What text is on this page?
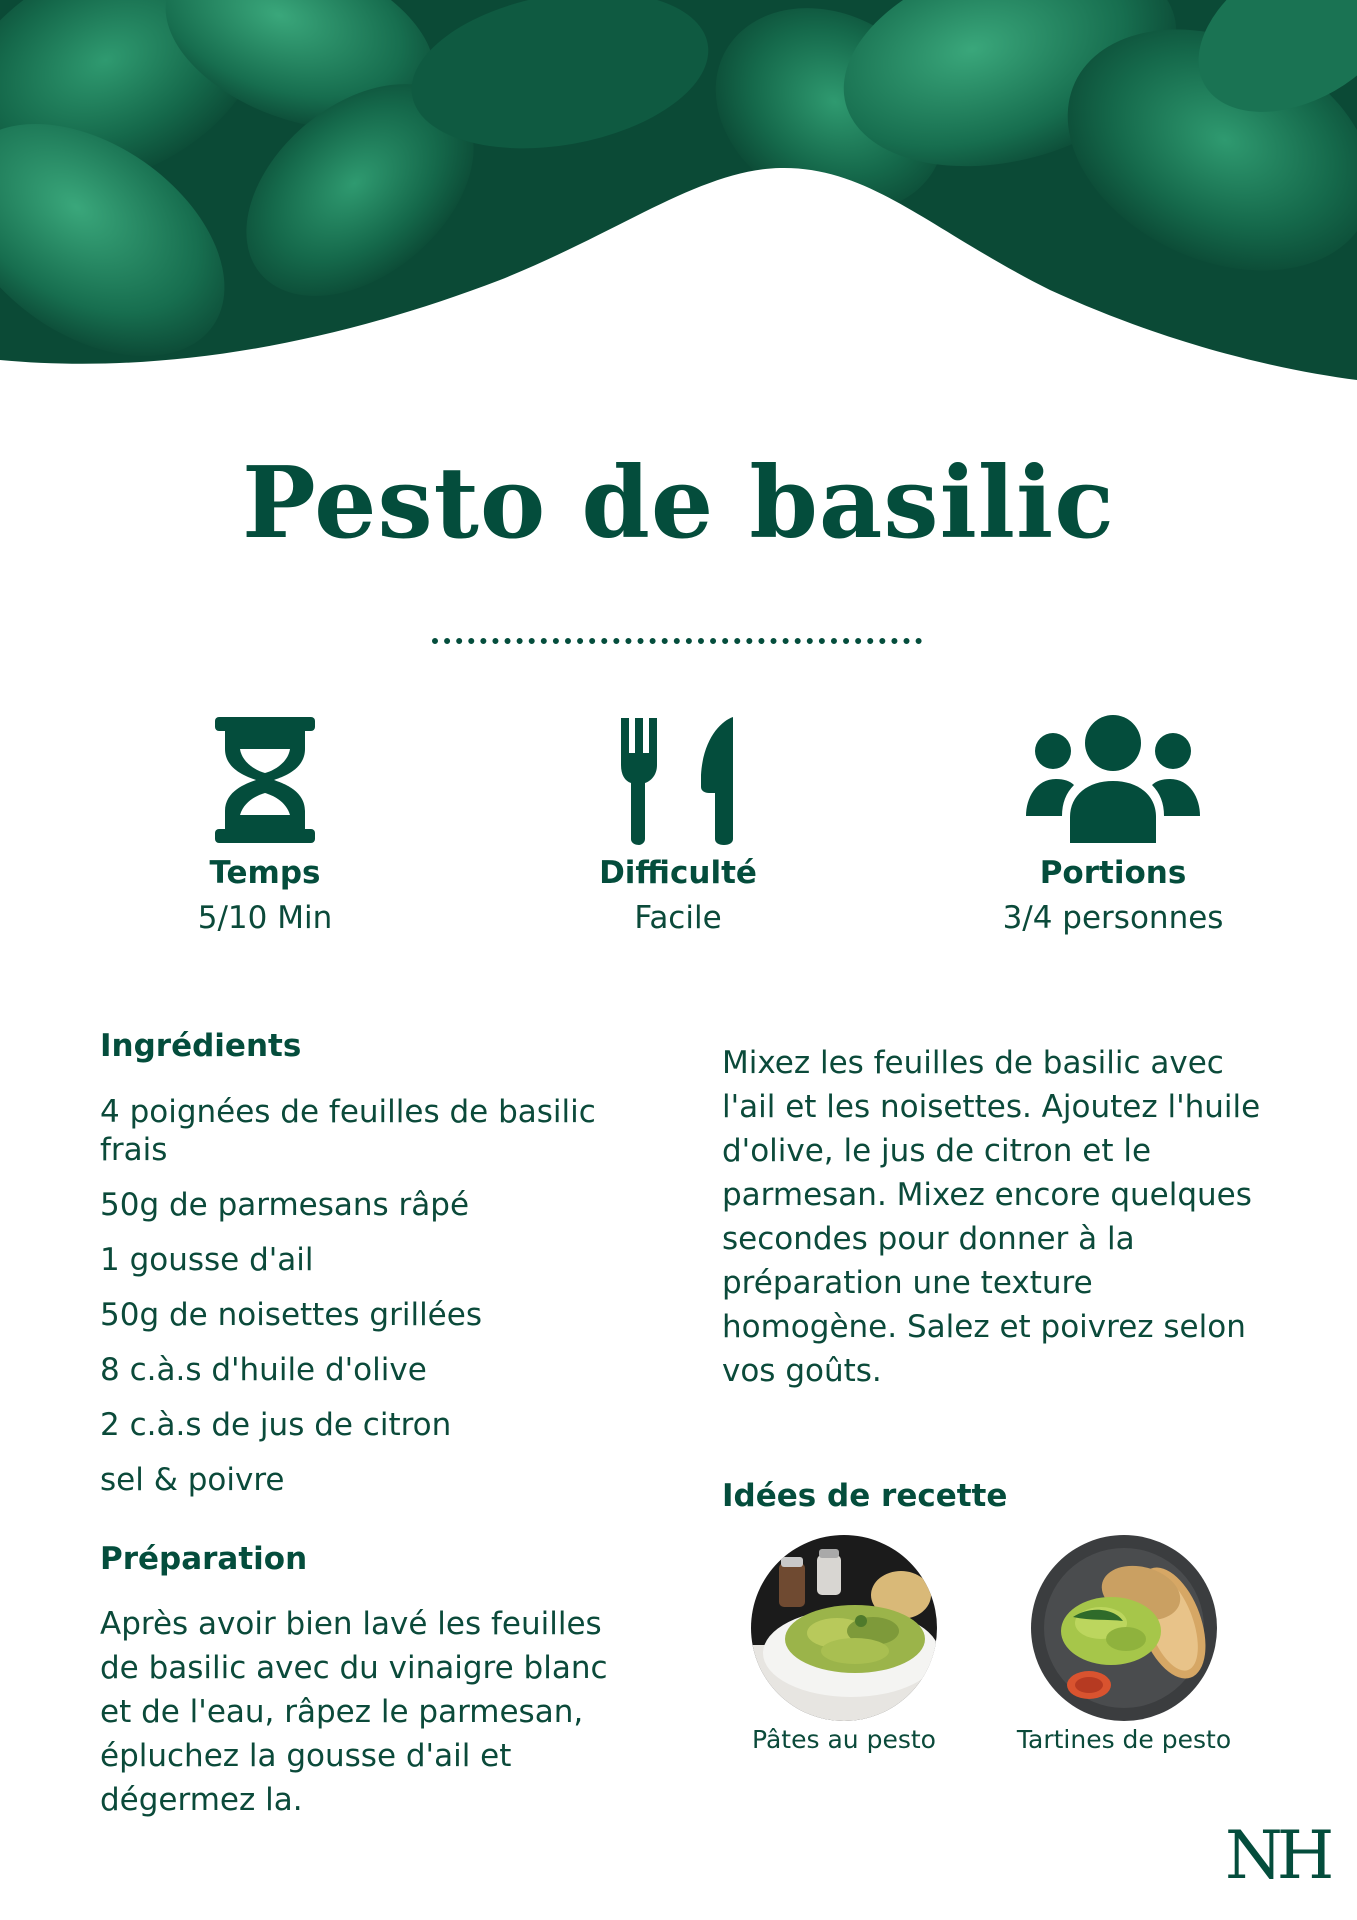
Pesto de basilic
Temps
5/10 Min
Difficulté
Facile
Portions
3/4 personnes
Ingrédients
4 poignées de feuilles de basilic frais
50g de parmesans râpé
1 gousse d'ail
50g de noisettes grillées
8 c.à.s d'huile d'olive
2 c.à.s de jus de citron
sel & poivre
Préparation

Après avoir bien lavé les feuilles de basilic avec du vinaigre blanc et de l'eau, râpez le parmesan, épluchez la gousse d'ail et dégermez la.

Mixez les feuilles de basilic avec l'ail et les noisettes. Ajoutez l'huile d'olive, le jus de citron et le parmesan. Mixez encore quelques secondes pour donner à la préparation une texture homogène. Salez et poivrez selon vos goûts.

Idées de recette
Pâtes au pesto	Tartines de pesto
NH
